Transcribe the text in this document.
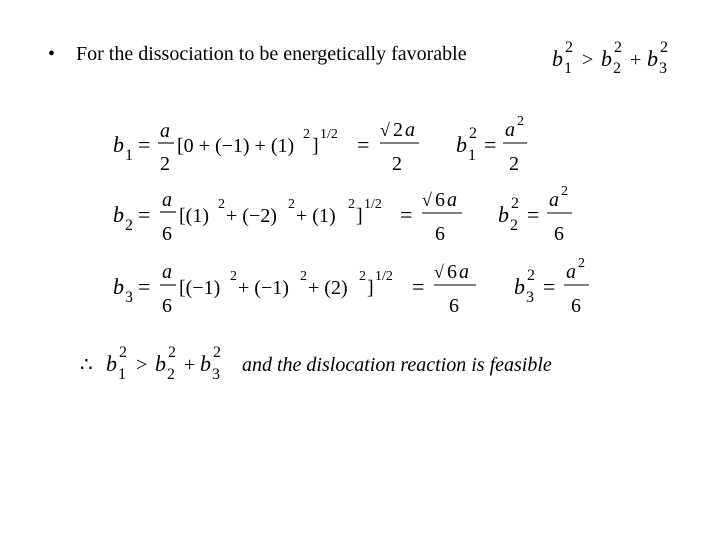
• For the dissociation to be energetically favorable	b 1
2
> b 2
2
+ b 3
2
b 1 =
a
2
[0 + (−1) + (1)
2
]
1/2 =
√ 2 a
2
b 1
2 =
a 2
2
b 2 =
a
6
[(1)
2
+ (−2)
2
+ (1)
2
]
1/2 =
√ 6 a
6
b 2
2 =
a 2
6
b 3 =
a
6
[(−1)
2
+ (−1)
2
+ (2)
2
]
1/2 =
√ 6 a
6
b 3
2 =
a 2
6
∴ b 1
2
> b 2
2
+ b 3
2
and the dislocation reaction is feasible
